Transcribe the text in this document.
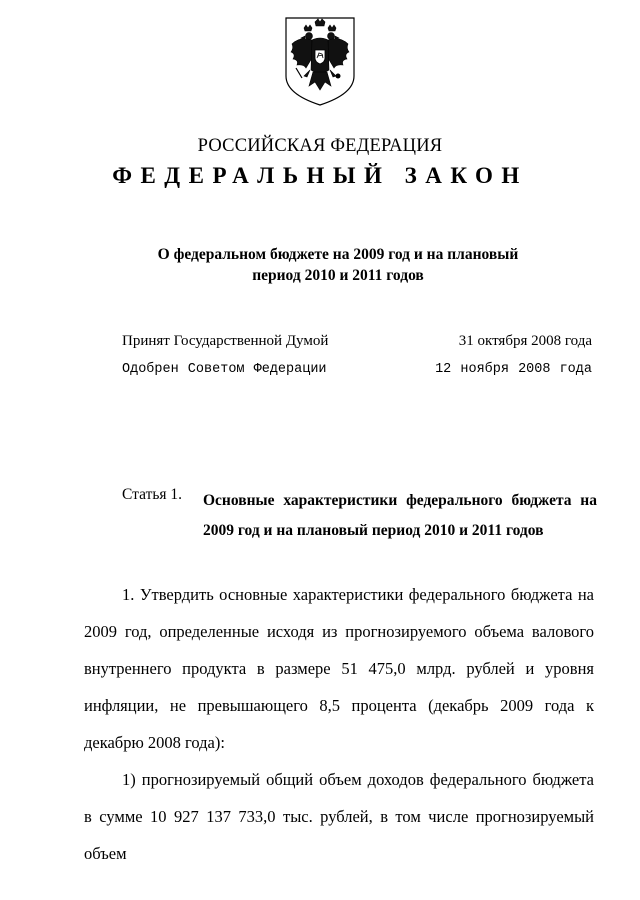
РОССИЙСКАЯ ФЕДЕРАЦИЯ
ФЕДЕРАЛЬНЫЙ ЗАКОН
О федеральном бюджете на 2009 год и на плановый
период 2010 и 2011 годов
Принят Государственной Думой	31 октября 2008 года
Одобрен Советом Федерации	12 ноября 2008 года
Статья 1. Основные характеристики федерального бюджета на 2009 год и на плановый период 2010 и 2011 годов

1. Утвердить основные характеристики федерального бюджета на 2009 год, определенные исходя из прогнозируемого объема валового внутреннего продукта в размере 51 475,0 млрд. рублей и уровня инфляции, не превышающего 8,5 процента (декабрь 2009 года к декабрю 2008 года):

1) прогнозируемый общий объем доходов федерального бюджета в сумме 10 927 137 733,0 тыс. рублей, в том числе прогнозируемый объем
